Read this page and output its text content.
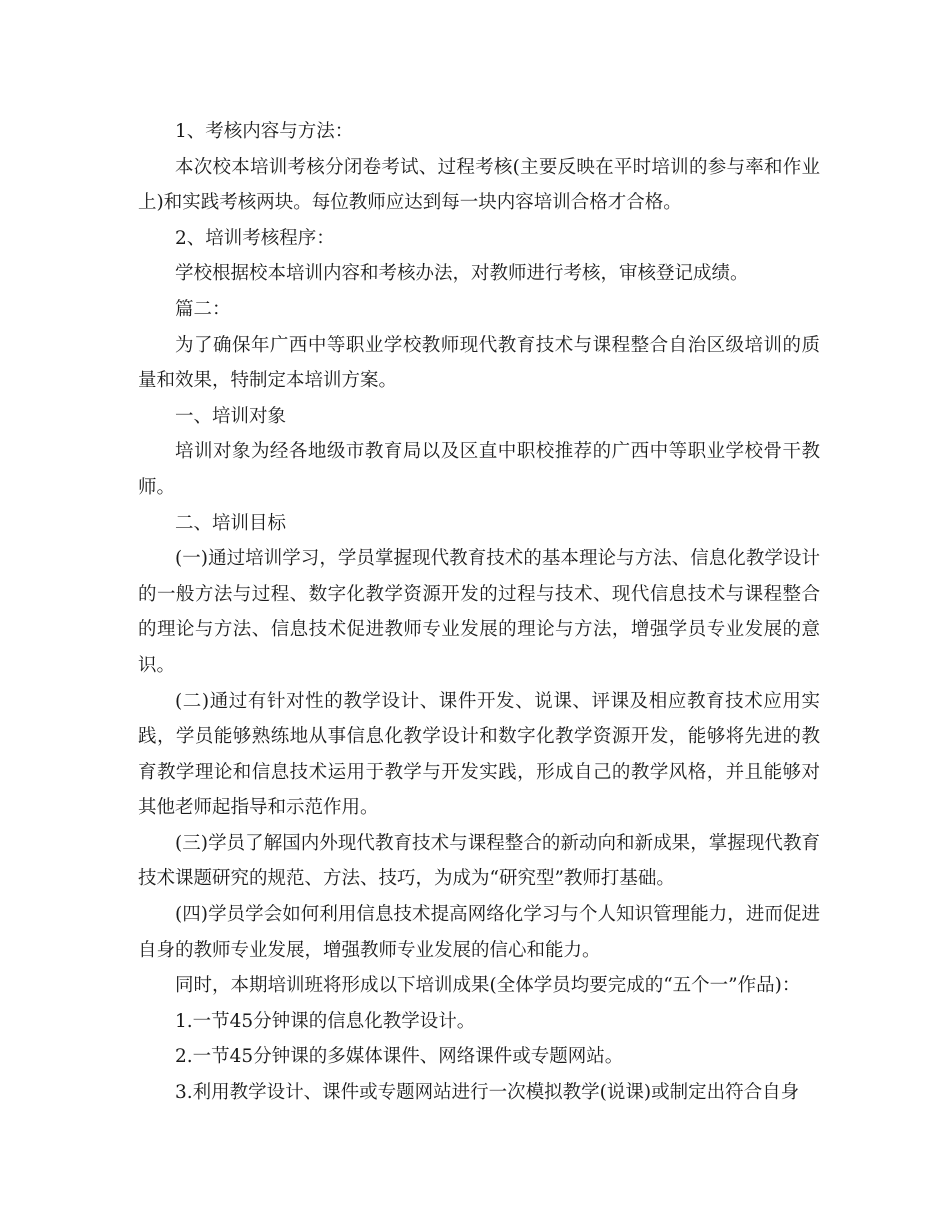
1、考核内容与方法：

本次校本培训考核分闭卷考试、过程考核(主要反映在平时培训的参与率和作业上)和实践考核两块。每位教师应达到每一块内容培训合格才合格。

2、培训考核程序：

学校根据校本培训内容和考核办法，对教师进行考核，审核登记成绩。

篇二：

为了确保年广西中等职业学校教师现代教育技术与课程整合自治区级培训的质量和效果，特制定本培训方案。

一、培训对象

培训对象为经各地级市教育局以及区直中职校推荐的广西中等职业学校骨干教师。

二、培训目标

(一)通过培训学习，学员掌握现代教育技术的基本理论与方法、信息化教学设计的一般方法与过程、数字化教学资源开发的过程与技术、现代信息技术与课程整合的理论与方法、信息技术促进教师专业发展的理论与方法，增强学员专业发展的意识。

(二)通过有针对性的教学设计、课件开发、说课、评课及相应教育技术应用实践，学员能够熟练地从事信息化教学设计和数字化教学资源开发，能够将先进的教育教学理论和信息技术运用于教学与开发实践，形成自己的教学风格，并且能够对其他老师起指导和示范作用。

(三)学员了解国内外现代教育技术与课程整合的新动向和新成果，掌握现代教育技术课题研究的规范、方法、技巧，为成为“研究型”教师打基础。

(四)学员学会如何利用信息技术提高网络化学习与个人知识管理能力，进而促进自身的教师专业发展，增强教师专业发展的信心和能力。

同时，本期培训班将形成以下培训成果(全体学员均要完成的“五个一”作品)：

1.一节45分钟课的信息化教学设计。

2.一节45分钟课的多媒体课件、网络课件或专题网站。

3.利用教学设计、课件或专题网站进行一次模拟教学(说课)或制定出符合自身
